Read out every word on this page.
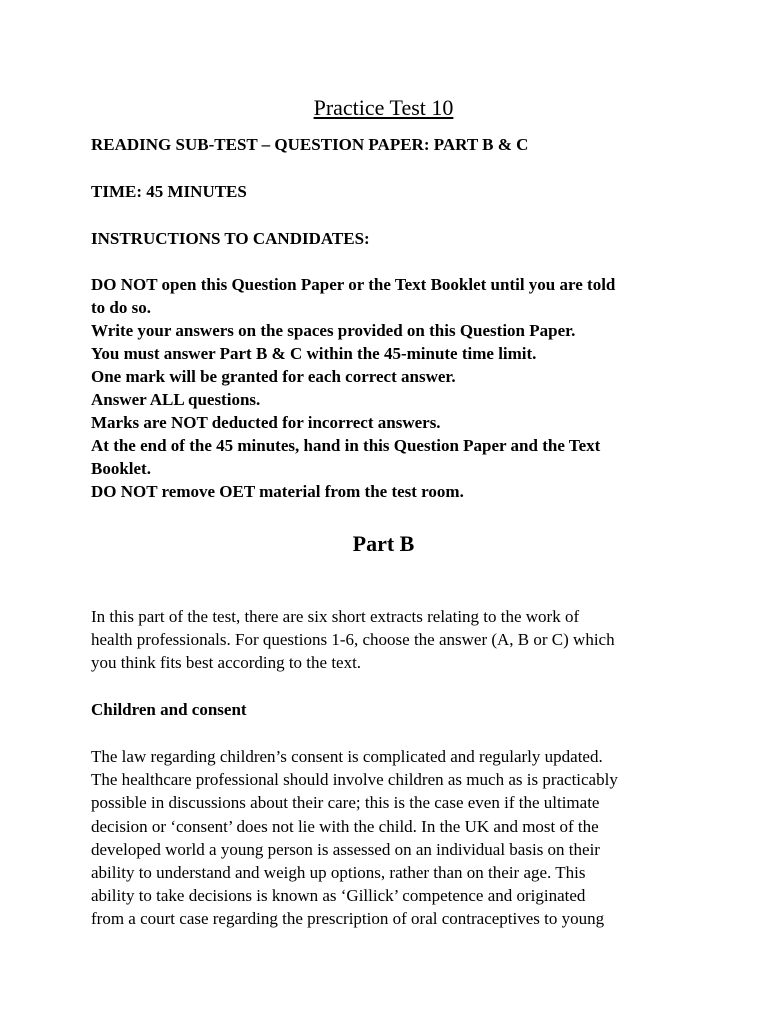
Practice Test 10

READING SUB-TEST – QUESTION PAPER: PART B & C

TIME: 45 MINUTES

INSTRUCTIONS TO CANDIDATES:

DO NOT open this Question Paper or the Text Booklet until you are told
to do so.
Write your answers on the spaces provided on this Question Paper.
You must answer Part B & C within the 45-minute time limit.
One mark will be granted for each correct answer.
Answer ALL questions.
Marks are NOT deducted for incorrect answers.
At the end of the 45 minutes, hand in this Question Paper and the Text
Booklet.
DO NOT remove OET material from the test room.
Part B
In this part of the test, there are six short extracts relating to the work of
health professionals. For questions 1-6, choose the answer (A, B or C) which
you think fits best according to the text.
Children and consent
The law regarding children’s consent is complicated and regularly updated.
The healthcare professional should involve children as much as is practicably
possible in discussions about their care; this is the case even if the ultimate
decision or ‘consent’ does not lie with the child. In the UK and most of the
developed world a young person is assessed on an individual basis on their
ability to understand and weigh up options, rather than on their age. This
ability to take decisions is known as ‘Gillick’ competence and originated
from a court case regarding the prescription of oral contraceptives to young
